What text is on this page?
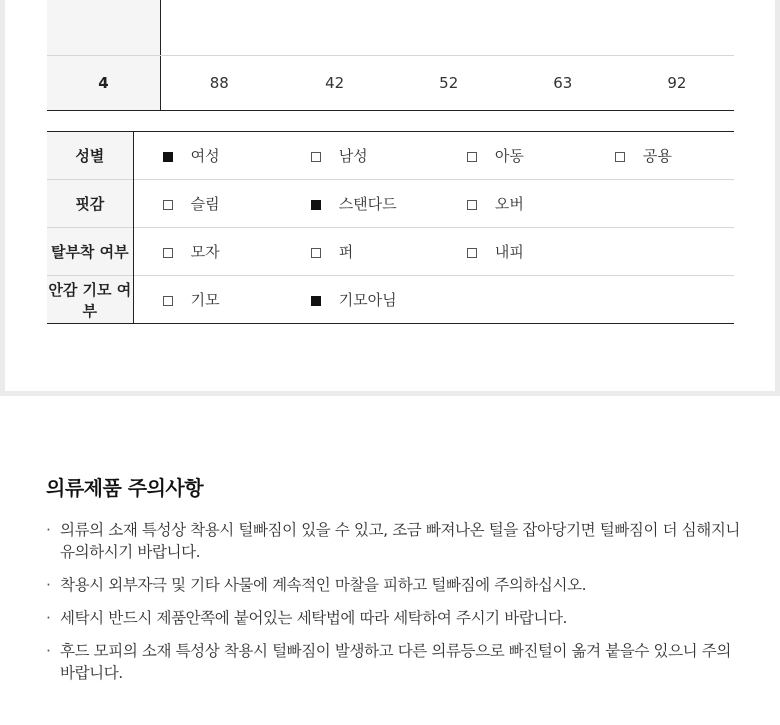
4	88	42	52	63	92
성별	여성	남성	아동	공용
핏감	슬림	스탠다드	오버	
탈부착 여부	모자	퍼	내피	
안감 기모 여부	기모	기모아님		
의류제품 주의사항
· 의류의 소재 특성상 착용시 털빠짐이 있을 수 있고, 조금 빠져나온 털을 잡아당기면 털빠짐이 더 심해지니 유의하시기 바랍니다.
· 착용시 외부자극 및 기타 사물에 계속적인 마찰을 피하고 털빠짐에 주의하십시오.
· 세탁시 반드시 제품안쪽에 붙어있는 세탁법에 따라 세탁하여 주시기 바랍니다.
· 후드 모피의 소재 특성상 착용시 털빠짐이 발생하고 다른 의류등으로 빠진털이 옮겨 붙을수 있으니 주의 바랍니다.
